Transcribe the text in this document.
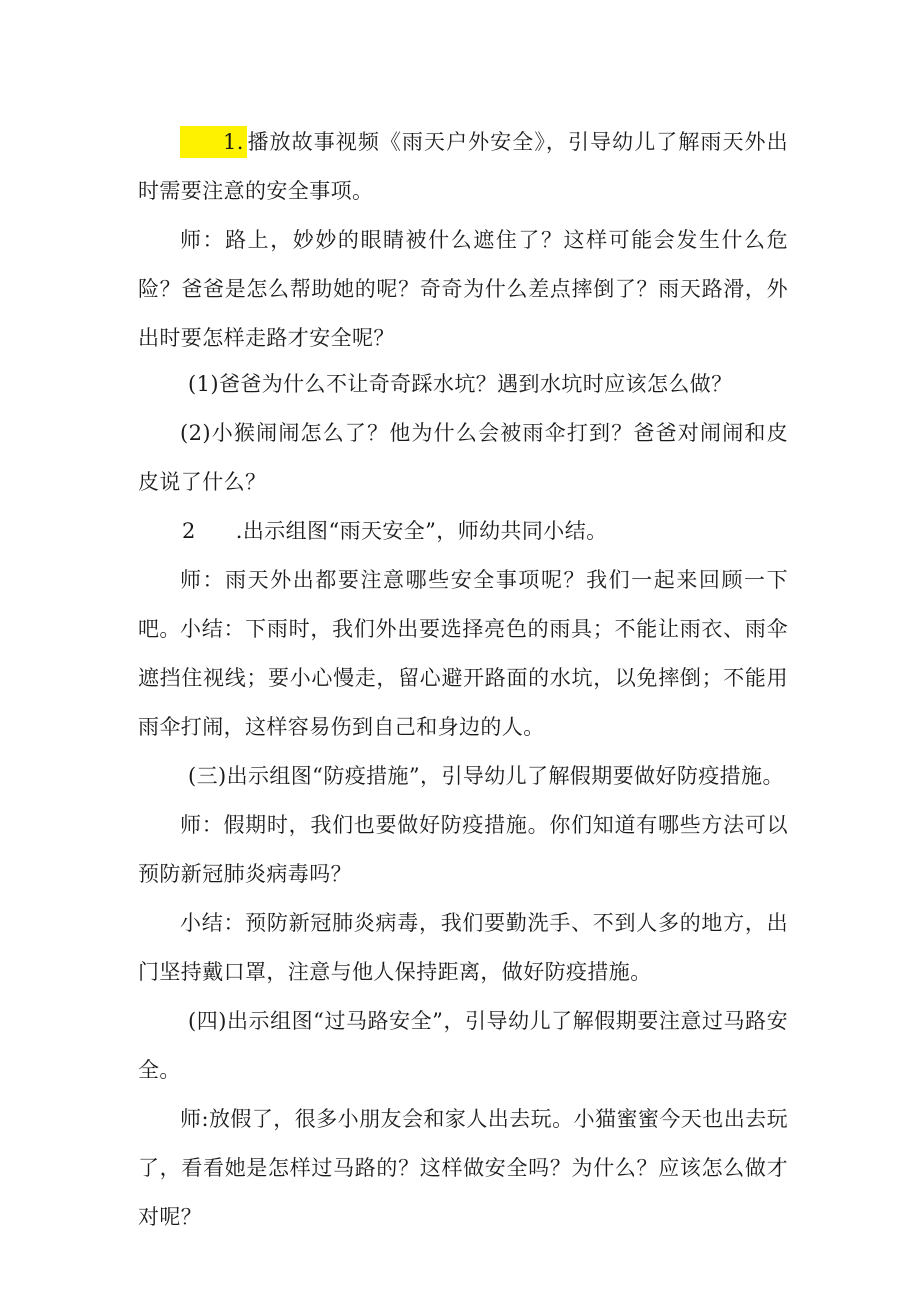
1. 播放故事视频《雨天户外安全》，引导幼儿了解雨天外出时需要注意的安全事项。

师：路上，妙妙的眼睛被什么遮住了？这样可能会发生什么危险？爸爸是怎么帮助她的呢？奇奇为什么差点摔倒了？雨天路滑，外出时要怎样走路才安全呢？

(1)爸爸为什么不让奇奇踩水坑？遇到水坑时应该怎么做？

(2)小猴闹闹怎么了？他为什么会被雨伞打到？爸爸对闹闹和皮皮说了什么？

2 .出示组图“雨天安全”，师幼共同小结。

师：雨天外出都要注意哪些安全事项呢？我们一起来回顾一下吧。 小结：下雨时，我们外出要选择亮色的雨具；不能让雨衣、雨伞遮挡住视线；要小心慢走，留心避开路面的水坑，以免摔倒；不能用雨伞打闹，这样容易伤到自己和身边的人。

(三)出示组图“防疫措施”，引导幼儿了解假期要做好防疫措施。

师：假期时，我们也要做好防疫措施。你们知道有哪些方法可以预防新冠肺炎病毒吗？

小结：预防新冠肺炎病毒，我们要勤洗手、不到人多的地方，出门坚持戴口罩，注意与他人保持距离，做好防疫措施。

(四)出示组图“过马路安全”，引导幼儿了解假期要注意过马路安全。

师:放假了，很多小朋友会和家人出去玩。小猫蜜蜜今天也出去玩了，看看她是怎样过马路的？这样做安全吗？为什么？应该怎么做才对呢？
